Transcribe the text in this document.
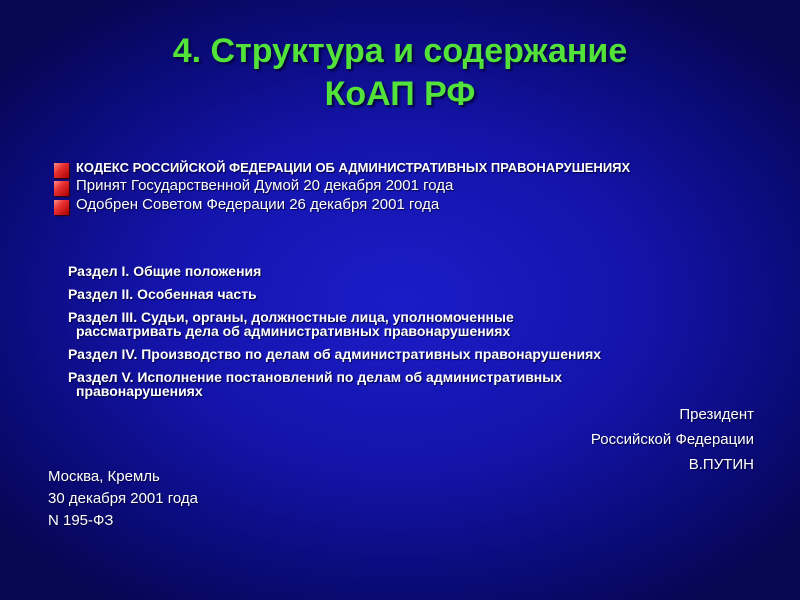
4. Структура и содержание
КоАП РФ
КОДЕКС РОССИЙСКОЙ ФЕДЕРАЦИИ ОБ АДМИНИСТРАТИВНЫХ ПРАВОНАРУШЕНИЯХ
Принят Государственной Думой 20 декабря 2001 года
Одобрен Советом Федерации 26 декабря 2001 года
Раздел I. Общие положения
Раздел II. Особенная часть
Раздел III. Судьи, органы, должностные лица, уполномоченные
рассматривать дела об административных правонарушениях
Раздел IV. Производство по делам об административных правонарушениях
Раздел V. Исполнение постановлений по делам об административных
правонарушениях
Президент
Российской Федерации
В.ПУТИН
Москва, Кремль
30 декабря 2001 года
N 195-ФЗ
